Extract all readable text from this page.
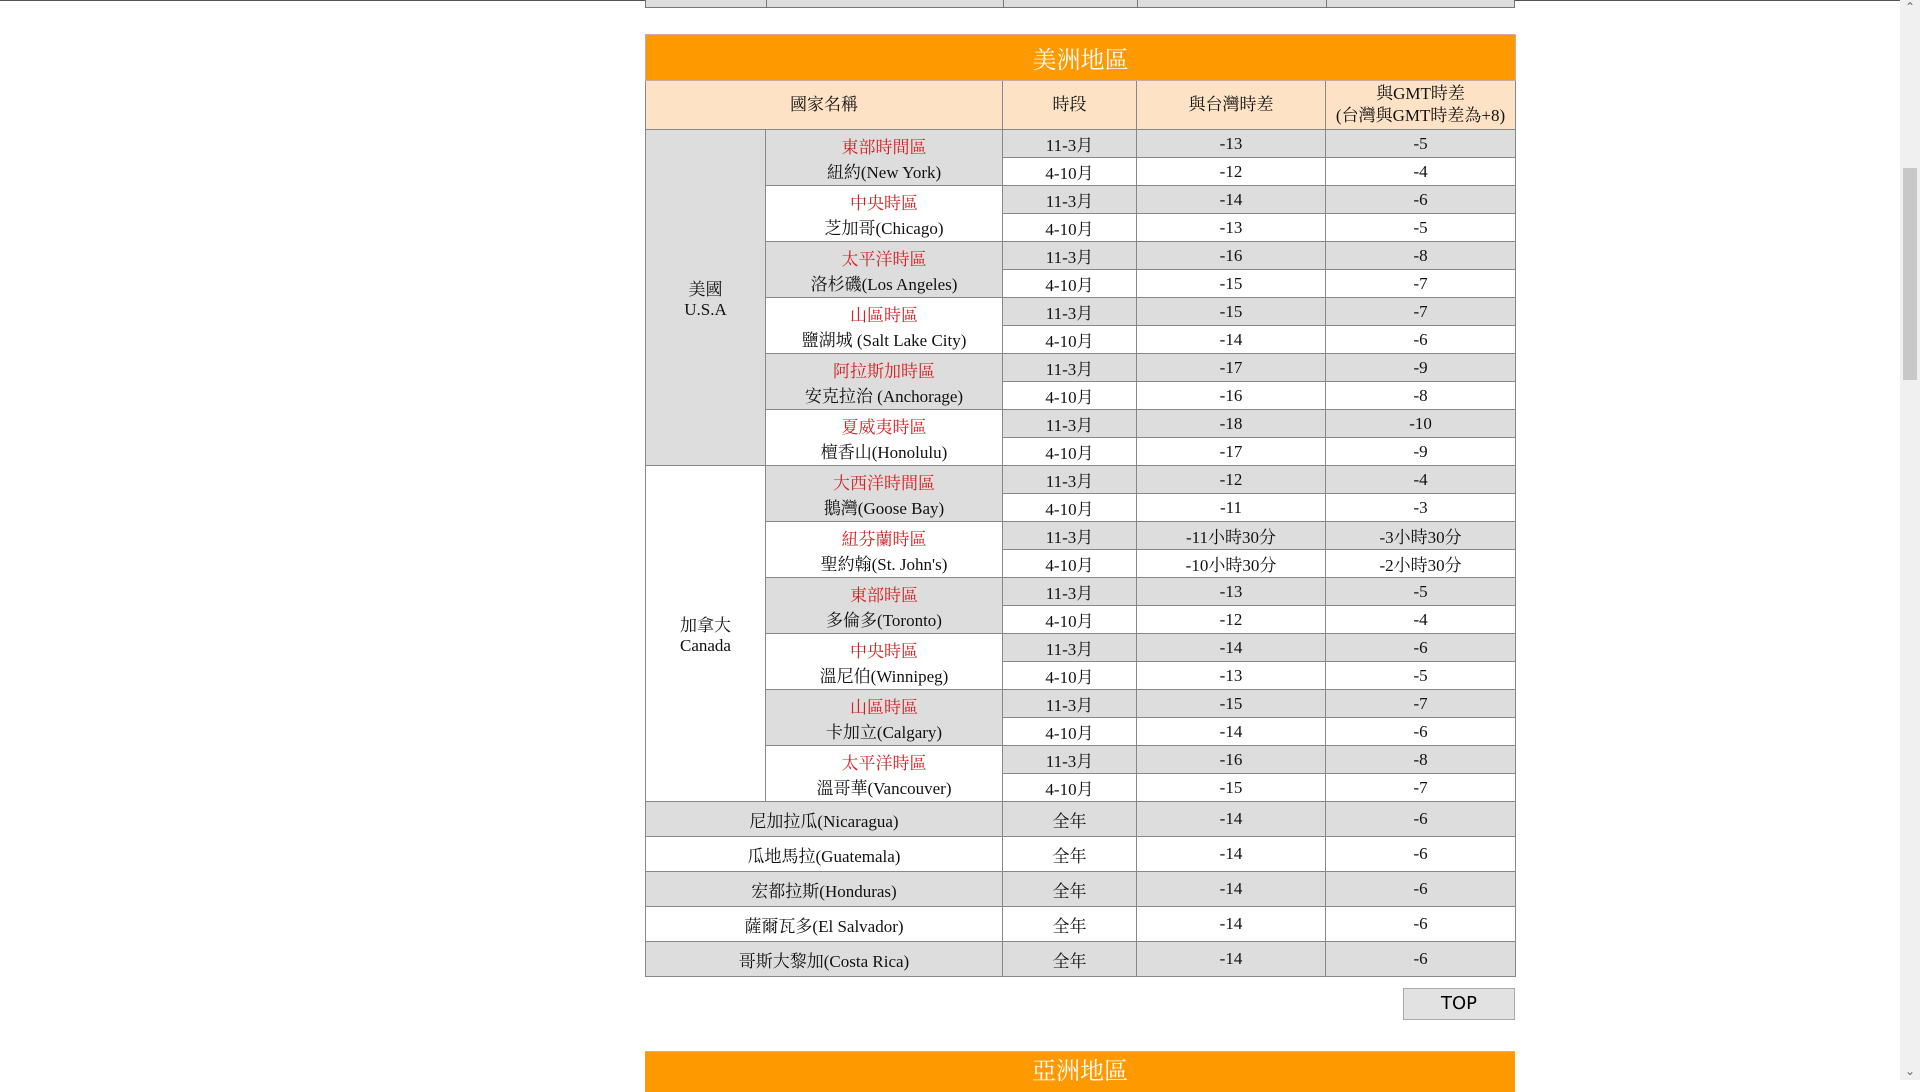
美洲地區				
國家名稱		時段	與台灣時差	與GMT時差
(台灣與GMT時差為+8)
美國
U.S.A	東部時間區
紐約(New York)	11-3月	-13	-5
		4-10月	-12	-4

	中央時區
芝加哥(Chicago)	11-3月	-14	-6
		4-10月	-13	-5

	太平洋時區
洛杉磯(Los Angeles)	11-3月	-16	-8
		4-10月	-15	-7

	山區時區
鹽湖城 (Salt Lake City)	11-3月	-15	-7
		4-10月	-14	-6

	阿拉斯加時區
安克拉治 (Anchorage)	11-3月	-17	-9
		4-10月	-16	-8

	夏威夷時區
檀香山(Honolulu)	11-3月	-18	-10
		4-10月	-17	-9
加拿大
Canada	大西洋時間區
鵝灣(Goose Bay)	11-3月	-12	-4
		4-10月	-11	-3

	紐芬蘭時區
聖約翰(St. John's)	11-3月	-11小時30分	-3小時30分
		4-10月	-10小時30分	-2小時30分

	東部時區
多倫多(Toronto)	11-3月	-13	-5
		4-10月	-12	-4

	中央時區
溫尼伯(Winnipeg)	11-3月	-14	-6
		4-10月	-13	-5

	山區時區
卡加立(Calgary)	11-3月	-15	-7
		4-10月	-14	-6

	太平洋時區
溫哥華(Vancouver)	11-3月	-16	-8
		4-10月	-15	-7
尼加拉瓜(Nicaragua)		全年	-14	-6
瓜地馬拉(Guatemala)		全年	-14	-6
宏都拉斯(Honduras)		全年	-14	-6
薩爾瓦多(El Salvador)		全年	-14	-6
哥斯大黎加(Costa Rica)		全年	-14	-6
TOP
亞洲地區
⌃
⌄
